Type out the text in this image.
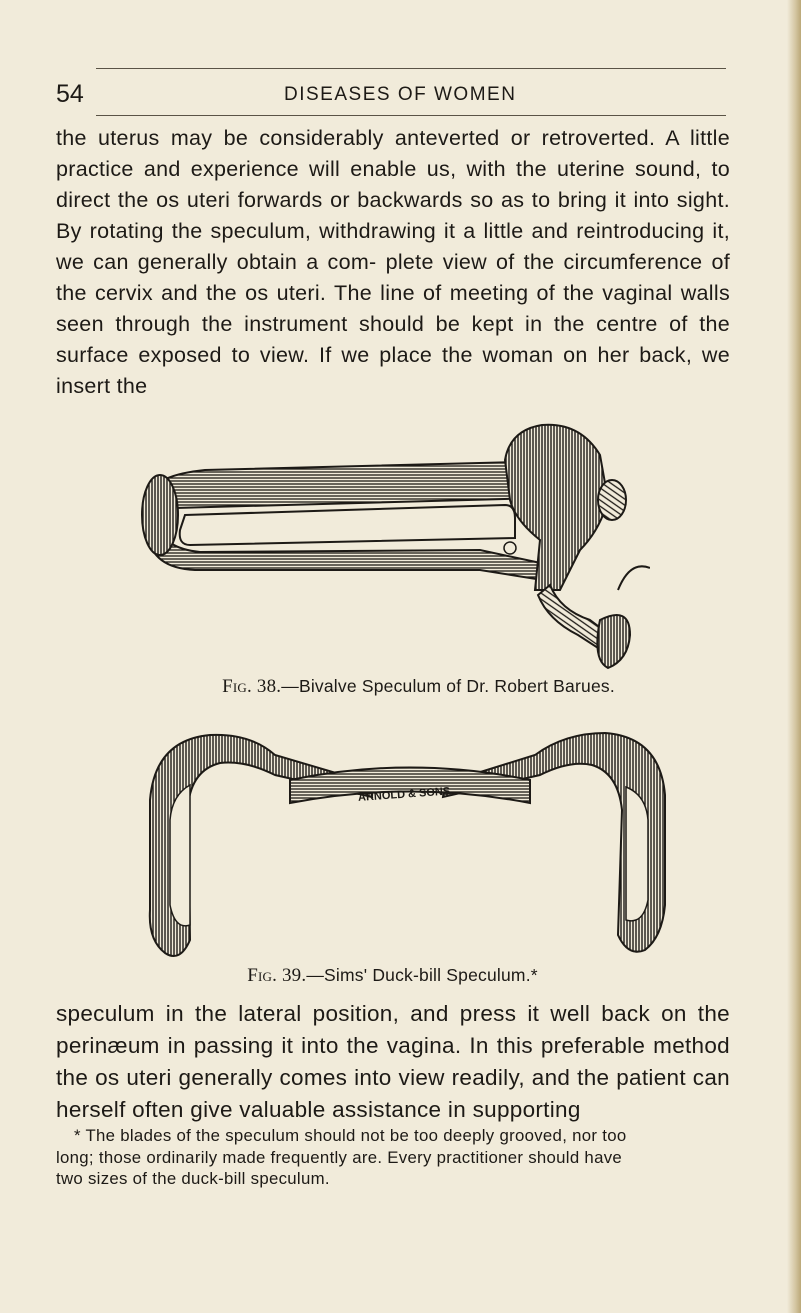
54	DISEASES OF WOMEN

the uterus may be considerably anteverted or retroverted. A little practice and experience will enable us, with the uterine sound, to direct the os uteri forwards or backwards so as to bring it into sight. By rotating the speculum, withdrawing it a little and reintroducing it, we can generally obtain a com- plete view of the circumference of the cervix and the os uteri. The line of meeting of the vaginal walls seen through the instrument should be kept in the centre of the surface exposed to view. If we place the woman on her back, we insert the

Fig. 38.—Bivalve Speculum of Dr. Robert Barues.
ARNOLD & SONS
Fig. 39.—Sims' Duck-bill Speculum.*

speculum in the lateral position, and press it well back on the perinæum in passing it into the vagina. In this preferable method the os uteri generally comes into view readily, and the patient can herself often give valuable assistance in supporting

* The blades of the speculum should not be too deeply grooved, nor too
long; those ordinarily made frequently are. Every practitioner should have
two sizes of the duck-bill speculum.
